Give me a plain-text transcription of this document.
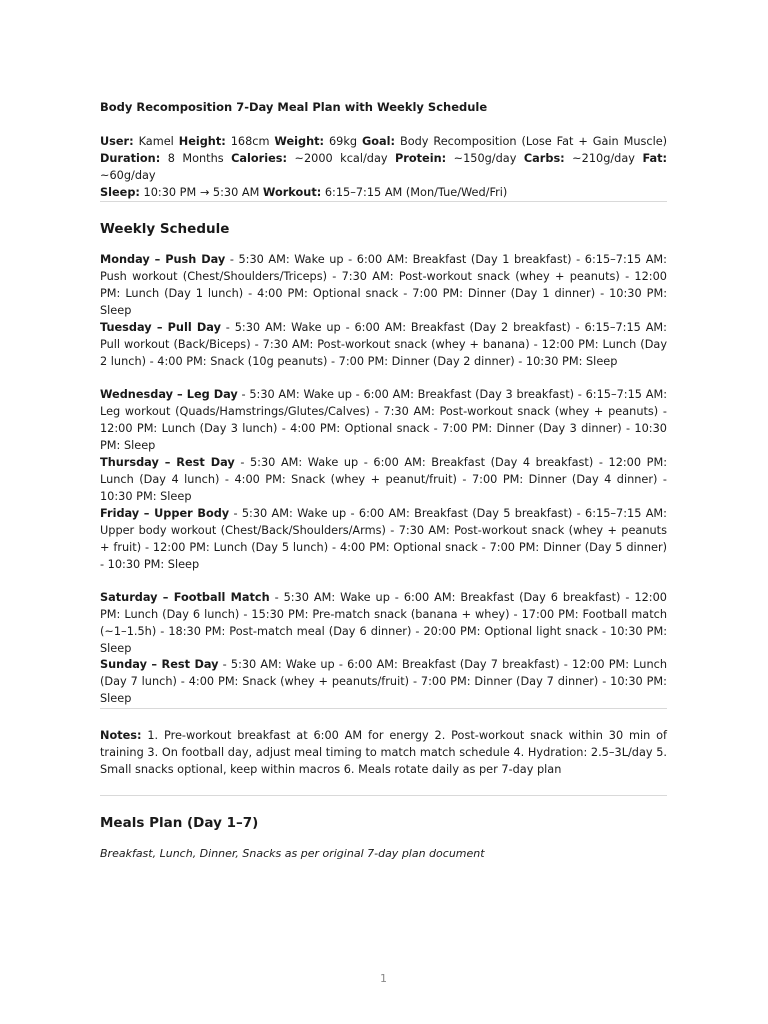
Body Recomposition 7-Day Meal Plan with Weekly Schedule

User: Kamel Height: 168cm Weight: 69kg Goal: Body Recomposition (Lose Fat + Gain Muscle) Duration: 8 Months Calories: ~2000 kcal/day Protein: ~150g/day Carbs: ~210g/day Fat: ~60g/day
Sleep: 10:30 PM → 5:30 AM Workout: 6:15–7:15 AM (Mon/Tue/Wed/Fri)

Weekly Schedule

Monday – Push Day - 5:30 AM: Wake up - 6:00 AM: Breakfast (Day 1 breakfast) - 6:15–7:15 AM: Push workout (Chest/Shoulders/Triceps) - 7:30 AM: Post-workout snack (whey + peanuts) - 12:00 PM: Lunch (Day 1 lunch) - 4:00 PM: Optional snack - 7:00 PM: Dinner (Day 1 dinner) - 10:30 PM: Sleep

Tuesday – Pull Day - 5:30 AM: Wake up - 6:00 AM: Breakfast (Day 2 breakfast) - 6:15–7:15 AM: Pull workout (Back/Biceps) - 7:30 AM: Post-workout snack (whey + banana) - 12:00 PM: Lunch (Day 2 lunch) - 4:00 PM: Snack (10g peanuts) - 7:00 PM: Dinner (Day 2 dinner) - 10:30 PM: Sleep

Wednesday – Leg Day - 5:30 AM: Wake up - 6:00 AM: Breakfast (Day 3 breakfast) - 6:15–7:15 AM: Leg workout (Quads/Hamstrings/Glutes/Calves) - 7:30 AM: Post-workout snack (whey + peanuts) - 12:00 PM: Lunch (Day 3 lunch) - 4:00 PM: Optional snack - 7:00 PM: Dinner (Day 3 dinner) - 10:30 PM: Sleep

Thursday – Rest Day - 5:30 AM: Wake up - 6:00 AM: Breakfast (Day 4 breakfast) - 12:00 PM: Lunch (Day 4 lunch) - 4:00 PM: Snack (whey + peanut/fruit) - 7:00 PM: Dinner (Day 4 dinner) - 10:30 PM: Sleep

Friday – Upper Body - 5:30 AM: Wake up - 6:00 AM: Breakfast (Day 5 breakfast) - 6:15–7:15 AM: Upper body workout (Chest/Back/Shoulders/Arms) - 7:30 AM: Post-workout snack (whey + peanuts + fruit) - 12:00 PM: Lunch (Day 5 lunch) - 4:00 PM: Optional snack - 7:00 PM: Dinner (Day 5 dinner) - 10:30 PM: Sleep

Saturday – Football Match - 5:30 AM: Wake up - 6:00 AM: Breakfast (Day 6 breakfast) - 12:00 PM: Lunch (Day 6 lunch) - 15:30 PM: Pre-match snack (banana + whey) - 17:00 PM: Football match (~1–1.5h) - 18:30 PM: Post-match meal (Day 6 dinner) - 20:00 PM: Optional light snack - 10:30 PM: Sleep

Sunday – Rest Day - 5:30 AM: Wake up - 6:00 AM: Breakfast (Day 7 breakfast) - 12:00 PM: Lunch (Day 7 lunch) - 4:00 PM: Snack (whey + peanuts/fruit) - 7:00 PM: Dinner (Day 7 dinner) - 10:30 PM: Sleep

Notes: 1. Pre-workout breakfast at 6:00 AM for energy 2. Post-workout snack within 30 min of training 3. On football day, adjust meal timing to match match schedule 4. Hydration: 2.5–3L/day 5. Small snacks optional, keep within macros 6. Meals rotate daily as per 7-day plan

Meals Plan (Day 1–7)

Breakfast, Lunch, Dinner, Snacks as per original 7-day plan document

1
